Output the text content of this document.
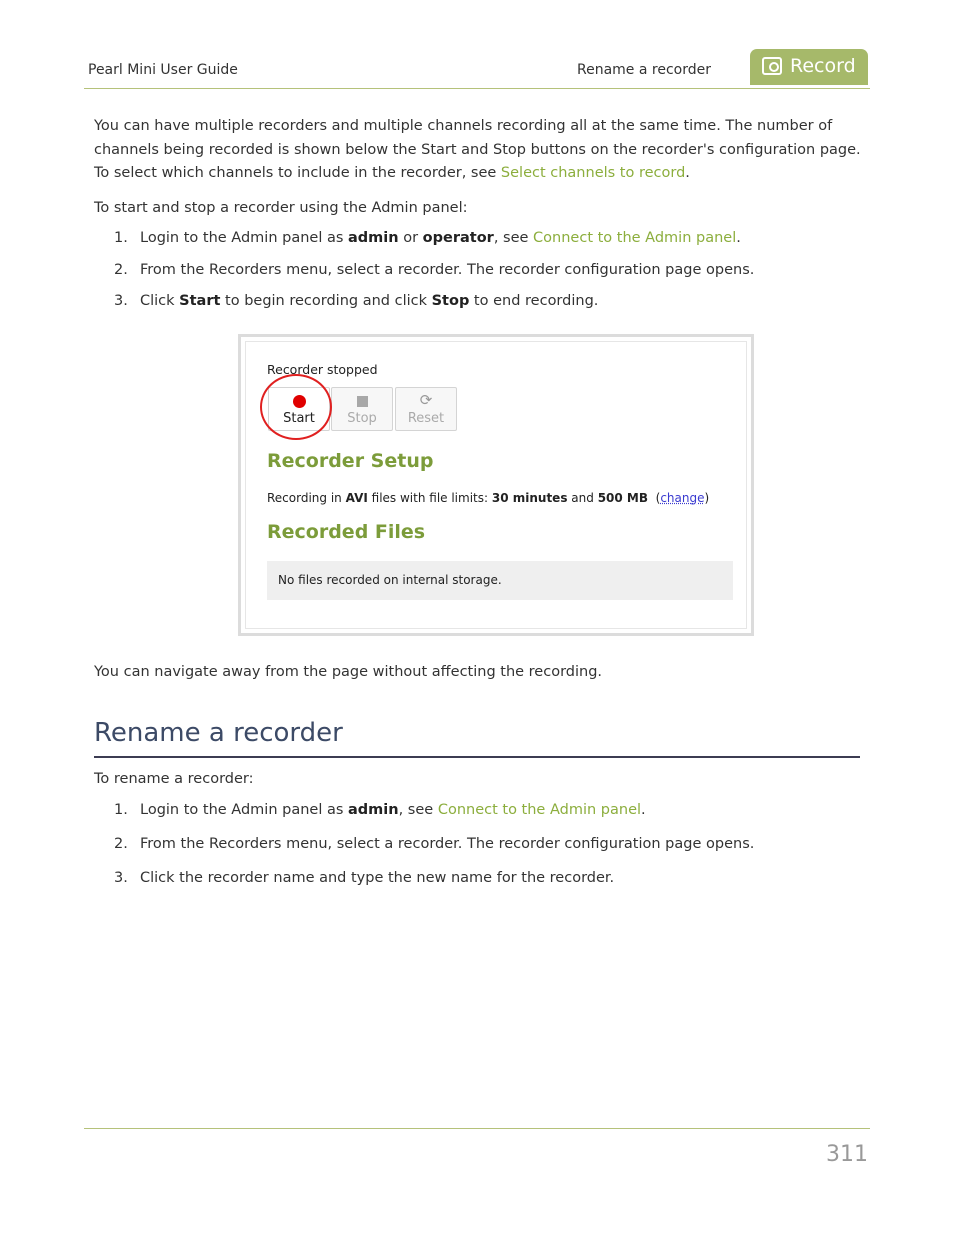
Pearl Mini User Guide	Rename a recorder	Record
You can have multiple recorders and multiple channels recording all at the same time. The number of channels being recorded is shown below the Start and Stop buttons on the recorder's configuration page. To select which channels to include in the recorder, see Select channels to record.
To start and stop a recorder using the Admin panel:
1. Login to the Admin panel as admin or operator, see Connect to the Admin panel.
2. From the Recorders menu, select a recorder. The recorder configuration page opens.
3. Click Start to begin recording and click Stop to end recording.
Recorder stopped
Start	Stop
⟳
Reset
Recorder Setup
Recording in AVI files with file limits: 30 minutes and 500 MB  (change)
Recorded Files
No files recorded on internal storage.
You can navigate away from the page without affecting the recording.
Rename a recorder
To rename a recorder:
1. Login to the Admin panel as admin, see Connect to the Admin panel.
2. From the Recorders menu, select a recorder. The recorder configuration page opens.
3. Click the recorder name and type the new name for the recorder.
311
